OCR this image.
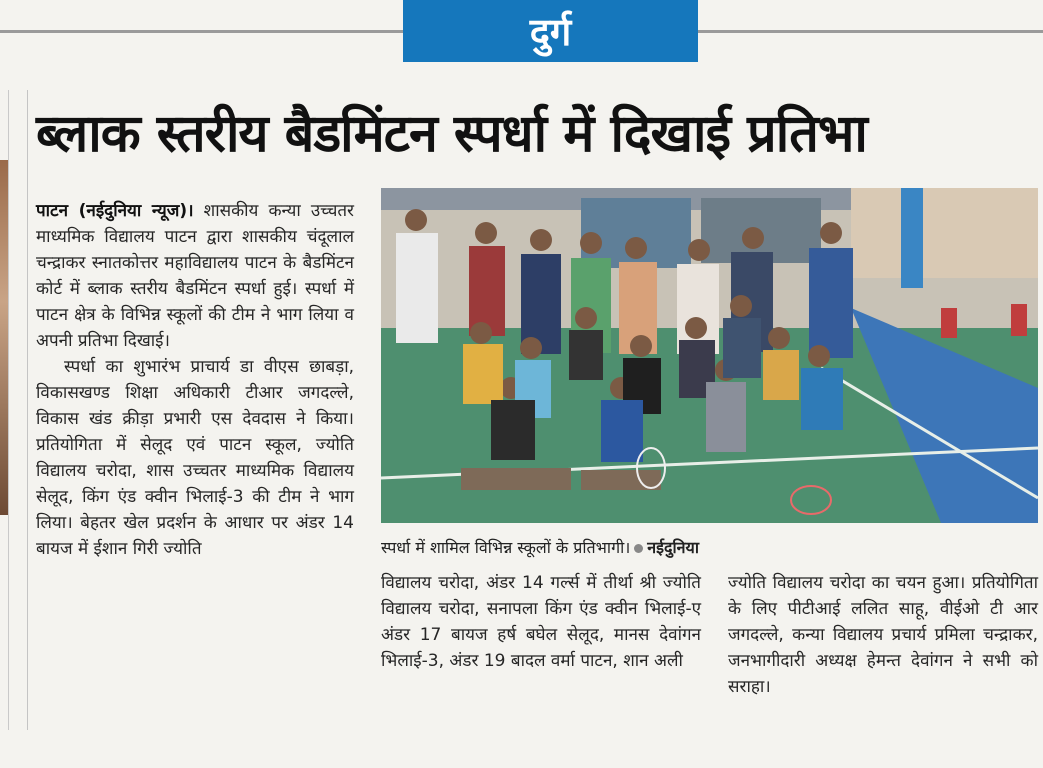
दुर्ग
ब्लाक स्तरीय बैडमिंटन स्पर्धा में दिखाई प्रतिभा

पाटन (नईदुनिया न्यूज)। शासकीय कन्या उच्चतर माध्यमिक विद्यालय पाटन द्वारा शासकीय चंदूलाल चन्द्राकर स्नातकोत्तर महाविद्यालय पाटन के बैडमिंटन कोर्ट में ब्लाक स्तरीय बैडमिंटन स्पर्धा हुई। स्पर्धा में पाटन क्षेत्र के विभिन्न स्कूलों की टीम ने भाग लिया व अपनी प्रतिभा दिखाई।

स्पर्धा का शुभारंभ प्राचार्य डा वीएस छाबड़ा, विकासखण्ड शिक्षा अधिकारी टीआर जगदल्ले, विकास खंड क्रीड़ा प्रभारी एस देवदास ने किया। प्रतियोगिता में सेलूद एवं पाटन स्कूल, ज्योति विद्यालय चरोदा, शास उच्चतर माध्यमिक विद्यालय सेलूद, किंग एंड क्वीन भिलाई-3 की टीम ने भाग लिया। बेहतर खेल प्रदर्शन के आधार पर अंडर 14 बायज में ईशान गिरी ज्योति	स्पर्धा में शामिल विभिन्न स्कूलों के प्रतिभागी। नईदुनिया

विद्यालय चरोदा, अंडर 14 गर्ल्स में तीर्था श्री ज्योति विद्यालय चरोदा, सनापला किंग एंड क्वीन भिलाई-ए अंडर 17 बायज हर्ष बघेल सेलूद, मानस देवांगन भिलाई-3, अंडर 19 बादल वर्मा पाटन, शान अली

ज्योति विद्यालय चरोदा का चयन हुआ। प्रतियोगिता के लिए पीटीआई ललित साहू, वीईओ टी आर जगदल्ले, कन्या विद्यालय प्रचार्य प्रमिला चन्द्राकर, जनभागीदारी अध्यक्ष हेमन्त देवांगन ने सभी को सराहा।
